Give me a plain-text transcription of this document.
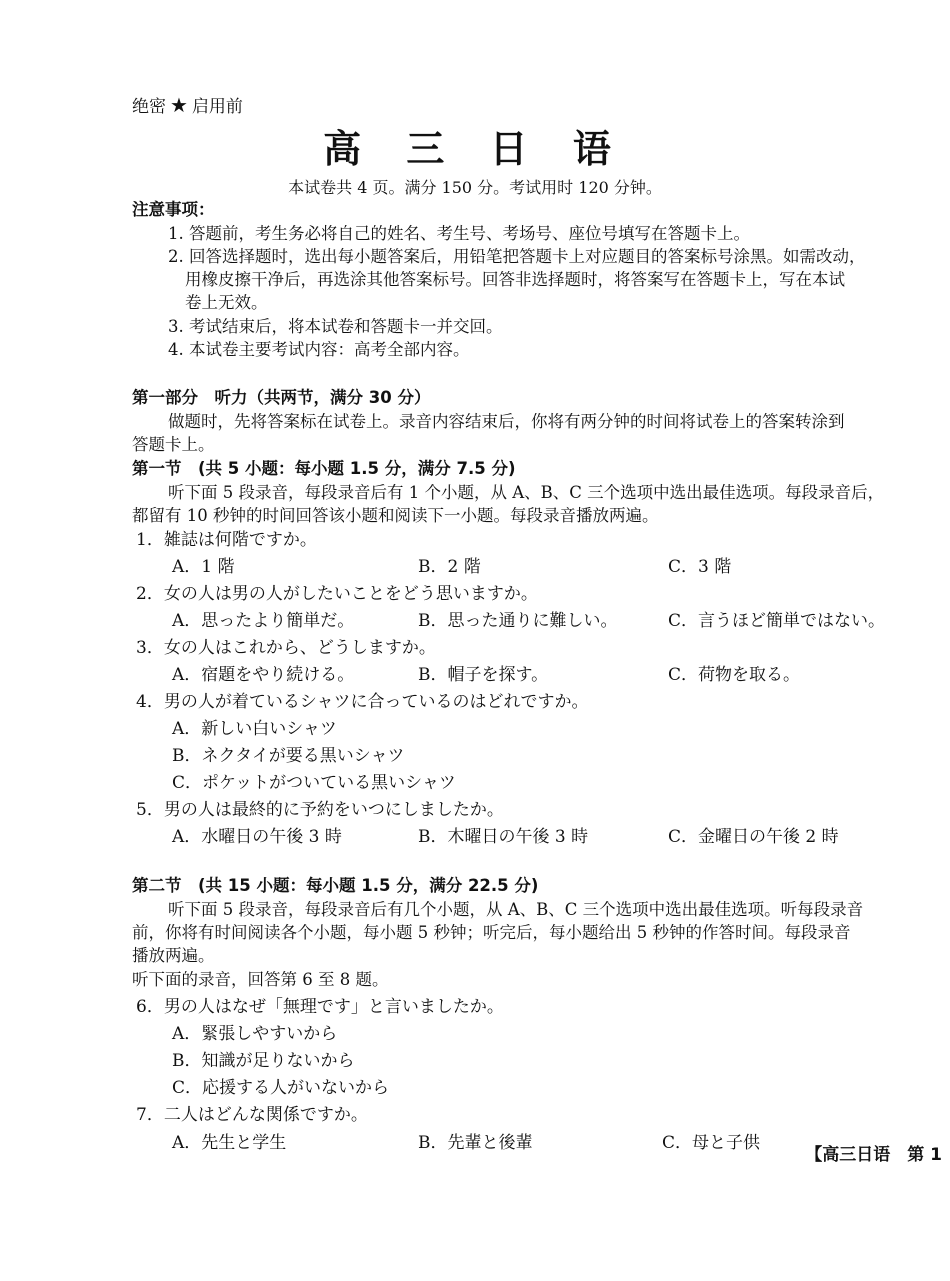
绝密 ★ 启用前
高 三 日 语
本试卷共 4 页。满分 150 分。考试用时 120 分钟。
注意事项：
1. 答题前，考生务必将自己的姓名、考生号、考场号、座位号填写在答题卡上。
2. 回答选择题时，选出每小题答案后，用铅笔把答题卡上对应题目的答案标号涂黑。如需改动，
用橡皮擦干净后，再选涂其他答案标号。回答非选择题时，将答案写在答题卡上，写在本试
卷上无效。
3. 考试结束后，将本试卷和答题卡一并交回。
4. 本试卷主要考试内容：高考全部内容。
第一部分　听力（共两节，满分 30 分）
做题时，先将答案标在试卷上。录音内容结束后，你将有两分钟的时间将试卷上的答案转涂到
答题卡上。
第一节　(共 5 小题：每小题 1.5 分，满分 7.5 分)
听下面 5 段录音，每段录音后有 1 个小题，从 A、B、C 三个选项中选出最佳选项。每段录音后，
都留有 10 秒钟的时间回答该小题和阅读下一小题。每段录音播放两遍。
1．雑誌は何階ですか。
A．1 階	B．2 階	C．3 階
2．女の人は男の人がしたいことをどう思いますか。
A．思ったより簡単だ。	B．思った通りに難しい。	C．言うほど簡単ではない。
3．女の人はこれから、どうしますか。
A．宿題をやり続ける。	B．帽子を探す。	C．荷物を取る。
4．男の人が着ているシャツに合っているのはどれですか。
A．新しい白いシャツ
B．ネクタイが要る黒いシャツ
C．ポケットがついている黒いシャツ
5．男の人は最終的に予約をいつにしましたか。
A．水曜日の午後 3 時	B．木曜日の午後 3 時	C．金曜日の午後 2 時
第二节　(共 15 小题：每小题 1.5 分，满分 22.5 分)
听下面 5 段录音，每段录音后有几个小题，从 A、B、C 三个选项中选出最佳选项。听每段录音
前，你将有时间阅读各个小题，每小题 5 秒钟；听完后，每小题给出 5 秒钟的作答时间。每段录音
播放两遍。
听下面的录音，回答第 6 至 8 题。
6．男の人はなぜ「無理です」と言いましたか。
A．緊張しやすいから
B．知識が足りないから
C．応援する人がいないから
7．二人はどんな関係ですか。
A．先生と学生	B．先輩と後輩	C．母と子供
【高三日语　第 1
